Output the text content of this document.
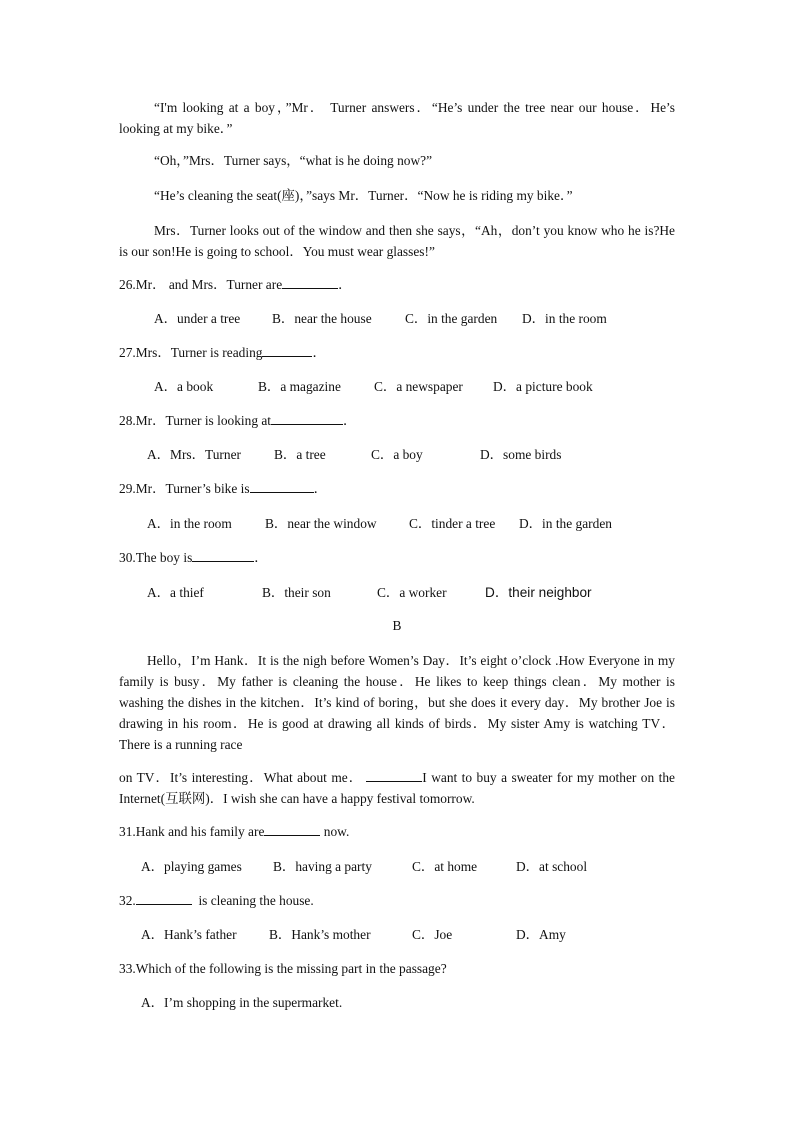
“I'm looking at a boy，”Mr． Turner answers．“He’s under the tree near our house．He’s looking at my bike．”
“Oh，”Mrs．Turner says，“what is he doing now?”
“He’s cleaning the seat(座)，”says Mr．Turner．“Now he is riding my bike．”
Mrs．Turner looks out of the window and then she says，“Ah，don’t you know who he is?He is our son!He is going to school．You must wear glasses!”
26.Mr． and Mrs．Turner are	．
A．under a tree B．near the house C．in the garden D．in the room
27.Mrs．Turner is reading	．
A．a book	B．a magazine C．a newspaper D．a picture book
28.Mr．Turner is looking at	．
A．Mrs．Turner B．a tree	C．a boy	D．some birds
29.Mr．Turner’s bike is	．
A．in the room B．near the window C．tinder a tree D．in the garden
30.The boy is	．
A．a thief	B．their son	C．a worker	D．their neighbor
B
Hello，I’m Hank．It is the nigh before Women’s Day．It’s eight o’clock .How Everyone in my family is busy．My father is cleaning the house．He likes to keep things clean．My mother is washing the dishes in the kitchen．It’s kind of boring，but she does it every day．My brother Joe is drawing in his room．He is good at drawing all kinds of birds．My sister Amy is watching TV．There is a running race
on TV．It’s interesting．What about me．	I want to buy a sweater for my mother on the Internet(互联网)．I wish she can have a happy festival tomorrow.
31.Hank and his family are	now.
A．playing games B．having a party	C．at home	D．at school
32.	is cleaning the house.
A．Hank’s father B．Hank’s mother	C．Joe	D．Amy
33.Which of the following is the missing part in the passage?
A．I’m shopping in the supermarket.
